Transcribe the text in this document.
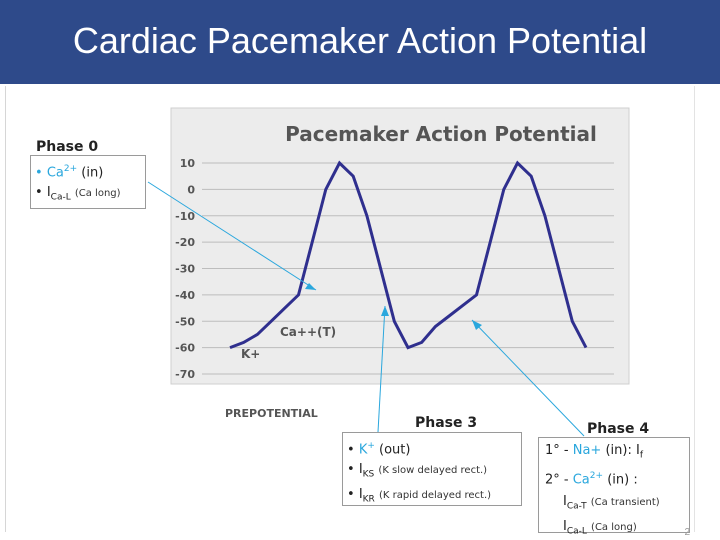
Cardiac Pacemaker Action Potential
Pacemaker Action Potential
10
0
-10
-20
-30
-40
-50
-60
-70
K+
Ca++(T)
PREPOTENTIAL
Phase 0
• $Ca^{2+}$ (in)
• $I_{Ca-L}$ (Ca long)
Phase 3
• K+ (out)
• $I_{KS}$ (K slow delayed rect.)
• $I_{KR}$ (K rapid delayed rect.)
Phase 4
1° - Na+ (in): $I_f$
$2^\circ - Ca^{2+}$ (in) :
$I_{Ca-T}$ (Ca transient)
$I_{Ca-L}$ (Ca long)	2
